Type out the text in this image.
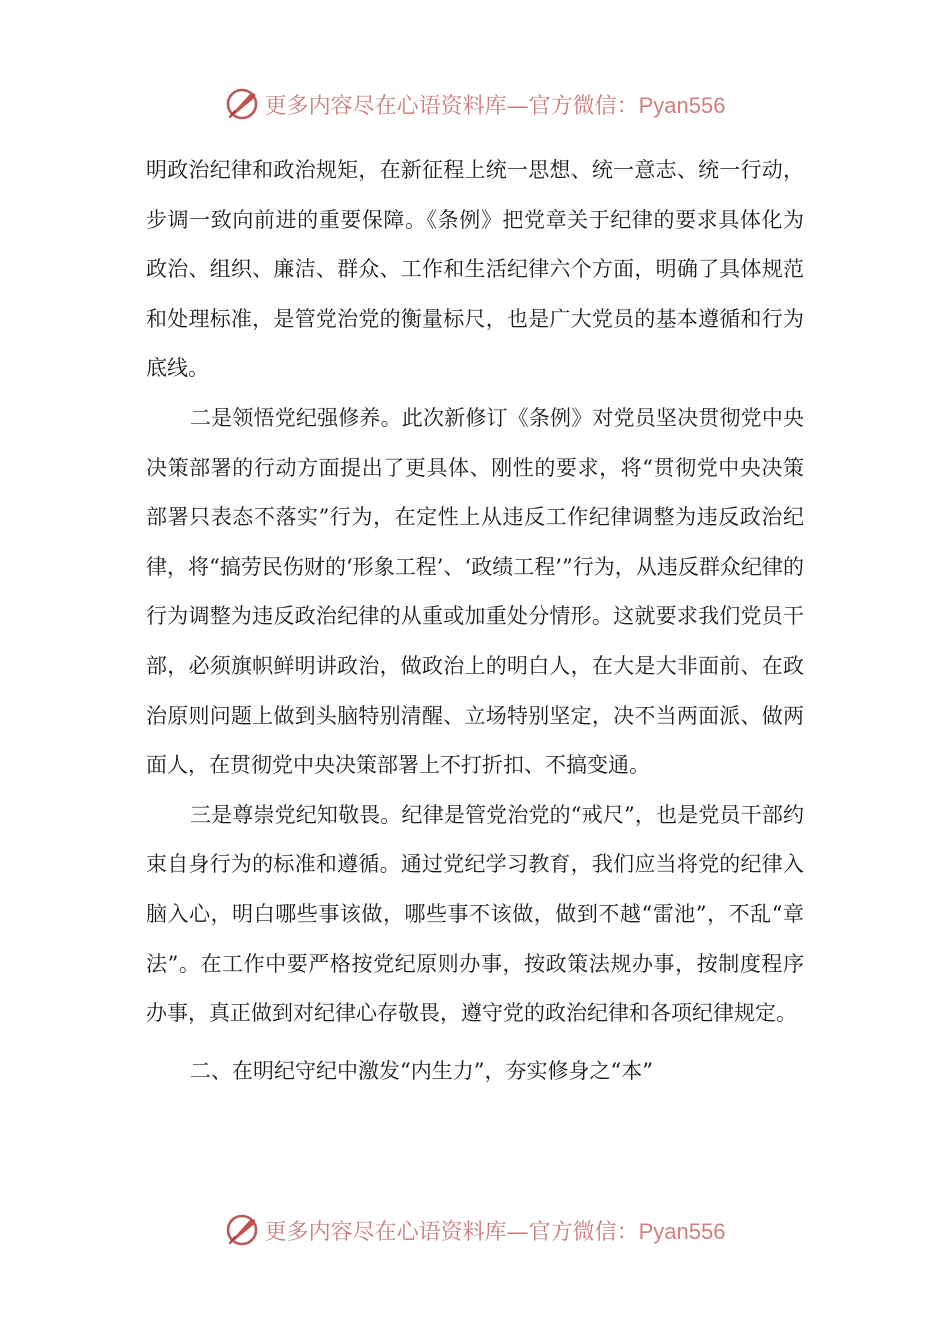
更多内容尽在心语资料库—官方微信：Pyan556

明政治纪律和政治规矩，在新征程上统一思想、统一意志、统一行动，步调一致向前进的重要保障。《条例》把党章关于纪律的要求具体化为政治、组织、廉洁、群众、工作和生活纪律六个方面，明确了具体规范和处理标准，是管党治党的衡量标尺，也是广大党员的基本遵循和行为底线。

二是领悟党纪强修养。此次新修订《条例》对党员坚决贯彻党中央决策部署的行动方面提出了更具体、刚性的要求，将“贯彻党中央决策部署只表态不落实”行为，在定性上从违反工作纪律调整为违反政治纪律，将“搞劳民伤财的‘形象工程’、‘政绩工程’”行为，从违反群众纪律的行为调整为违反政治纪律的从重或加重处分情形。这就要求我们党员干部，必须旗帜鲜明讲政治，做政治上的明白人，在大是大非面前、在政治原则问题上做到头脑特别清醒、立场特别坚定，决不当两面派、做两面人，在贯彻党中央决策部署上不打折扣、不搞变通。

三是尊崇党纪知敬畏。纪律是管党治党的“戒尺”，也是党员干部约束自身行为的标准和遵循。通过党纪学习教育，我们应当将党的纪律入脑入心，明白哪些事该做，哪些事不该做，做到不越“雷池”，不乱“章法”。在工作中要严格按党纪原则办事，按政策法规办事，按制度程序办事，真正做到对纪律心存敬畏，遵守党的政治纪律和各项纪律规定。

二、在明纪守纪中激发“内生力”，夯实修身之“本”

更多内容尽在心语资料库—官方微信：Pyan556
